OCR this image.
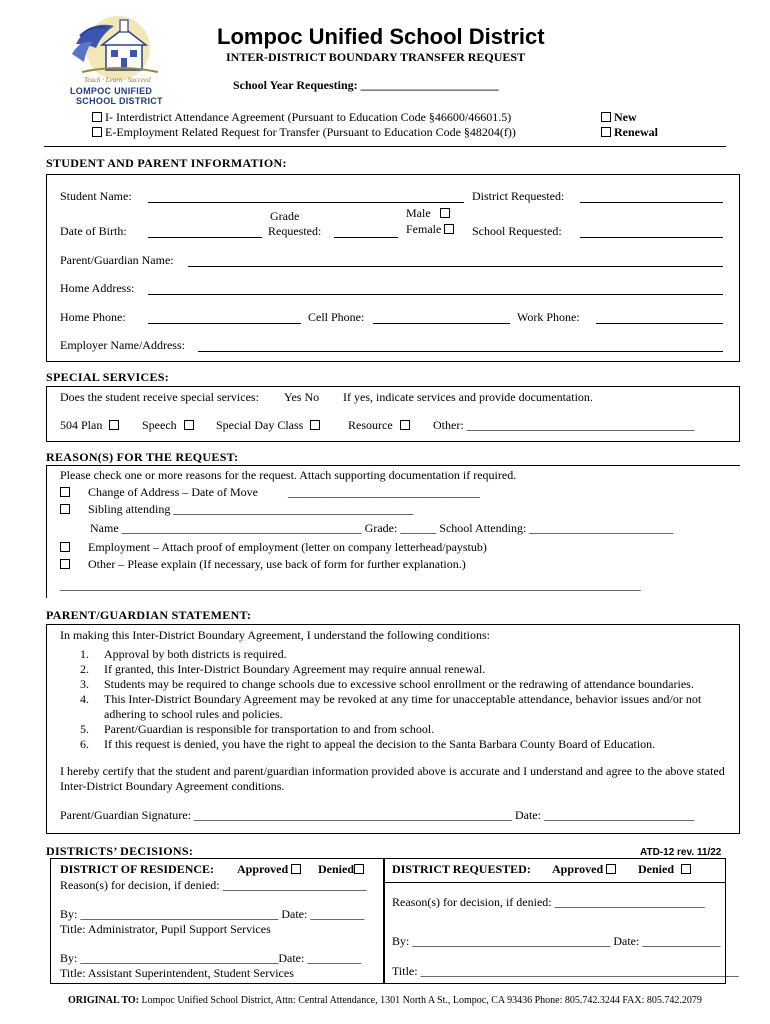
Teach · Learn · Succeed
LOMPOC UNIFIED
SCHOOL DISTRICT
Lompoc Unified School District
INTER-DISTRICT BOUNDARY TRANSFER REQUEST
School Year Requesting: _______________________
I- Interdistrict Attendance Agreement (Pursuant to Education Code §46600/46601.5)
E-Employment Related Request for Transfer (Pursuant to Education Code §48204(f))
New
Renewal
STUDENT AND PARENT INFORMATION:
Student Name:	District Requested:
Date of Birth:
Grade
Requested:
Male
Female	School Requested:
Parent/Guardian Name:
Home Address:
Home Phone:	Cell Phone:	Work Phone:
Employer Name/Address:
SPECIAL SERVICES:
Does the student receive special services: Yes No If yes, indicate services and provide documentation.
504 Plan	Speech	Special Day Class	Resource	Other: ______________________________________
REASON(S) FOR THE REQUEST:
Please check one or more reasons for the request. Attach supporting documentation if required.
Change of Address – Date of Move	________________________________
Sibling attending ________________________________________
Name ________________________________________ Grade: ______ School Attending: ________________________
Employment – Attach proof of employment (letter on company letterhead/paystub)
Other – Please explain (If necessary, use back of form for further explanation.)
_____________________________________________________________________________________________________
PARENT/GUARDIAN STATEMENT:
In making this Inter-District Boundary Agreement, I understand the following conditions:
1. Approval by both districts is required.
2. If granted, this Inter-District Boundary Agreement may require annual renewal.
3. Students may be required to change schools due to excessive school enrollment or the redrawing of attendance boundaries.
4. This Inter-District Boundary Agreement may be revoked at any time for unacceptable attendance, behavior issues and/or not adhering to school rules and policies.
5. Parent/Guardian is responsible for transportation to and from school.
6. If this request is denied, you have the right to appeal the decision to the Santa Barbara County Board of Education.
I hereby certify that the student and parent/guardian information provided above is accurate and I understand and agree to the above stated Inter-District Boundary Agreement conditions.
Parent/Guardian Signature: _____________________________________________________ Date: _________________________
DISTRICTS’ DECISIONS:	ATD-12 rev. 11/22
DISTRICT OF RESIDENCE: Approved	Denied
Reason(s) for decision, if denied: ________________________
By: _________________________________ Date: _________
Title: Administrator, Pupil Support Services
By: _________________________________Date: _________
Title: Assistant Superintendent, Student Services
DISTRICT REQUESTED: Approved	Denied
Reason(s) for decision, if denied: _________________________
By: _________________________________ Date: _____________
Title: _____________________________________________________
ORIGINAL TO: Lompoc Unified School District, Attn: Central Attendance, 1301 North A St., Lompoc, CA 93436 Phone: 805.742.3244 FAX: 805.742.2079
